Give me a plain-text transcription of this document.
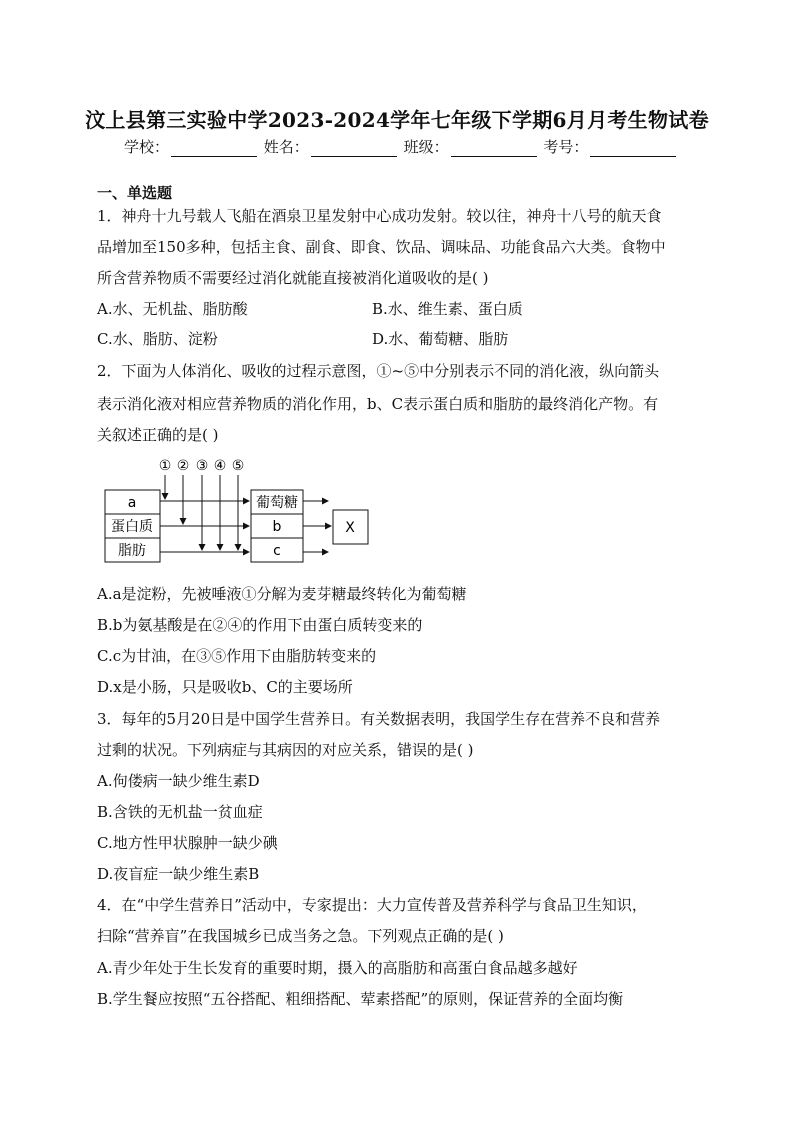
汶上县第三实验中学2023-2024学年七年级下学期6月月考生物试卷
学校：	姓名：	班级：	考号：
一、单选题
1．神舟十九号载人飞船在酒泉卫星发射中心成功发射。较以往，神舟十八号的航天食
品增加至150多种，包括主食、副食、即食、饮品、调味品、功能食品六大类。食物中
所含营养物质不需要经过消化就能直接被消化道吸收的是( )
A.水、无机盐、脂肪酸	B.水、维生素、蛋白质
C.水、脂肪、淀粉	D.水、葡萄糖、脂肪
2．下面为人体消化、吸收的过程示意图，①~⑤中分别表示不同的消化液，纵向箭头
表示消化液对相应营养物质的消化作用，b、C表示蛋白质和脂肪的最终消化产物。有
关叙述正确的是( )
① ② ③ ④ ⑤
a
蛋白质
脂肪
葡萄糖
b
c
X
A.a是淀粉，先被唾液①分解为麦芽糖最终转化为葡萄糖
B.b为氨基酸是在②④的作用下由蛋白质转变来的
C.c为甘油，在③⑤作用下由脂肪转变来的
D.x是小肠，只是吸收b、C的主要场所
3．每年的5月20日是中国学生营养日。有关数据表明，我国学生存在营养不良和营养
过剩的状况。下列病症与其病因的对应关系，错误的是( )
A.佝偻病一缺少维生素D
B.含铁的无机盐一贫血症
C.地方性甲状腺肿一缺少碘
D.夜盲症一缺少维生素B
4．在“中学生营养日”活动中，专家提出：大力宣传普及营养科学与食品卫生知识，
扫除“营养盲”在我国城乡已成当务之急。下列观点正确的是( )
A.青少年处于生长发育的重要时期，摄入的高脂肪和高蛋白食品越多越好
B.学生餐应按照“五谷搭配、粗细搭配、荤素搭配”的原则，保证营养的全面均衡
